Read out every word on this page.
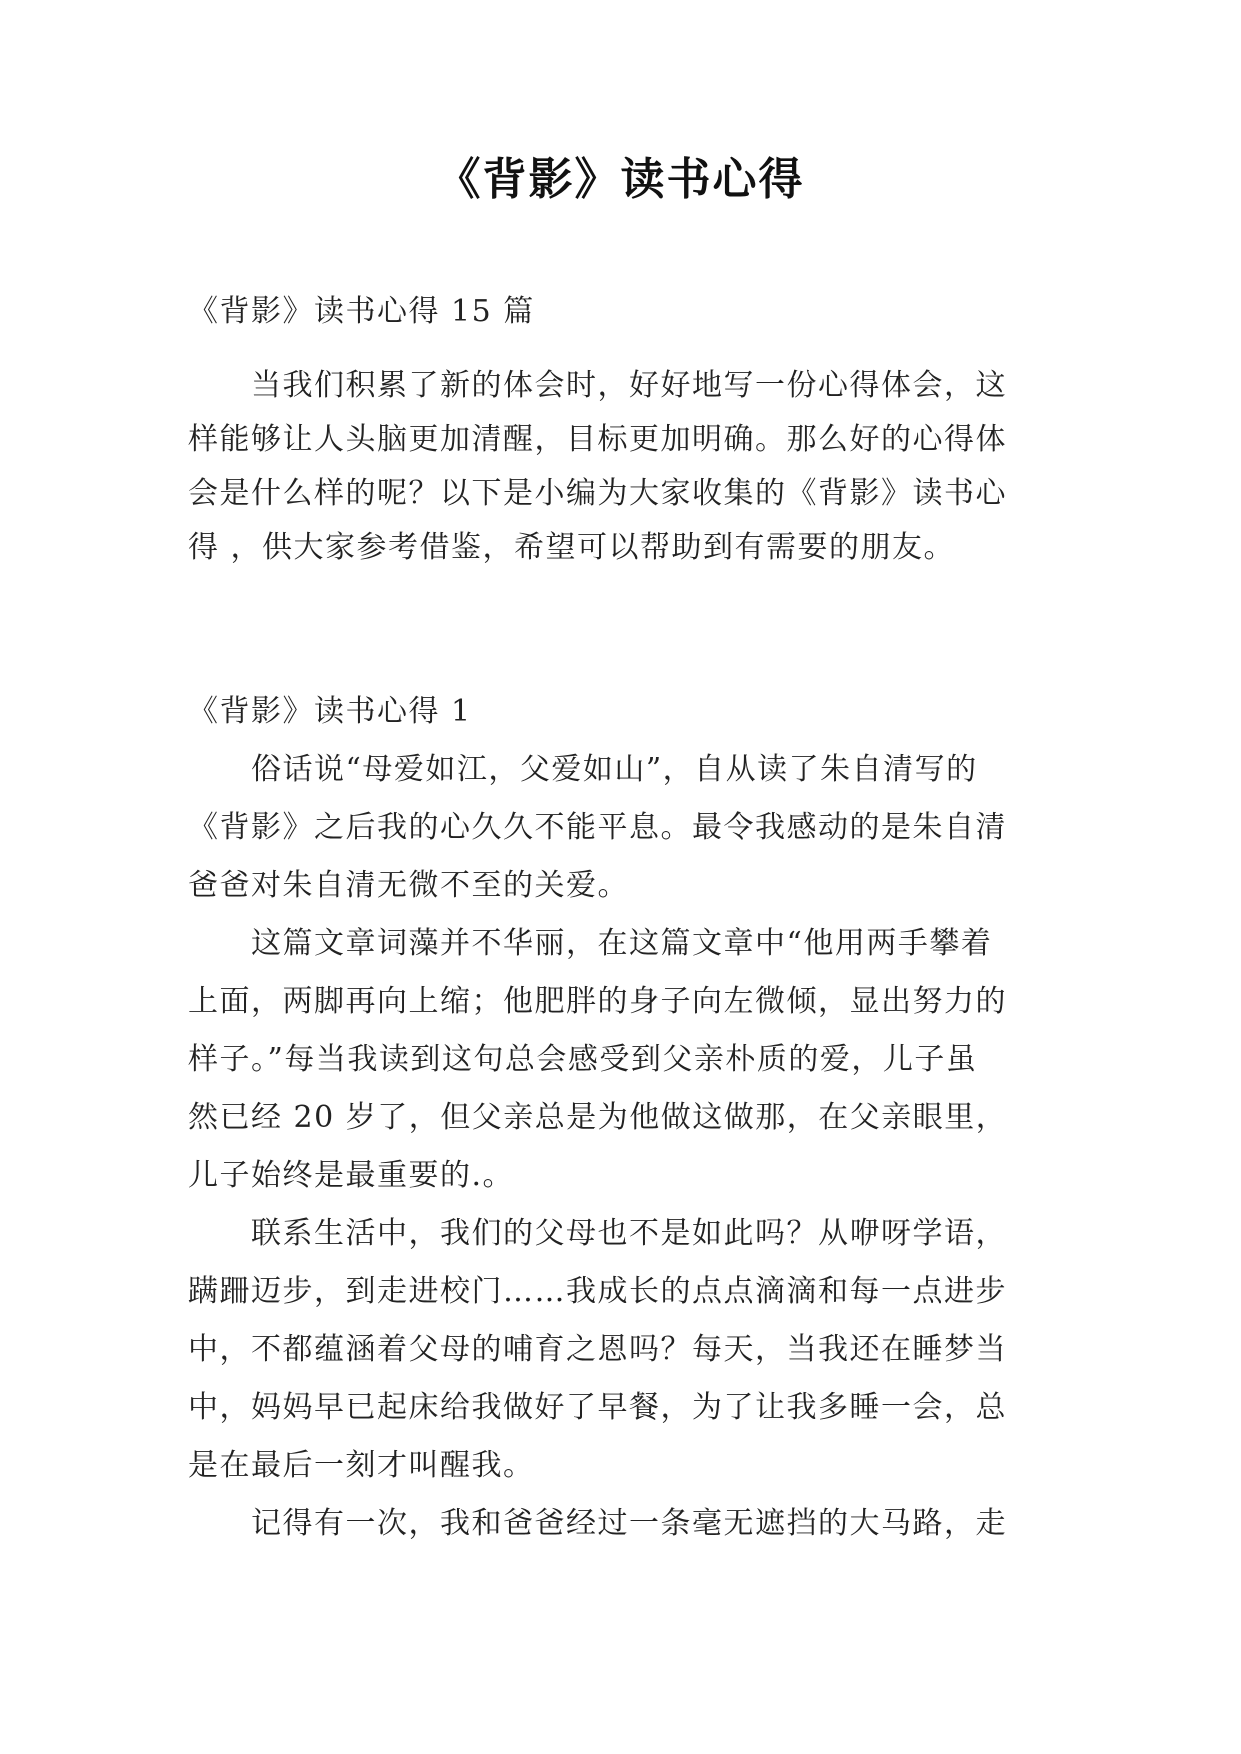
《背影》读书心得
《背影》读书心得 15 篇
　　当我们积累了新的体会时，好好地写一份心得体会，这
样能够让人头脑更加清醒，目标更加明确。那么好的心得体
会是什么样的呢？以下是小编为大家收集的《背影》读书心
得 ，供大家参考借鉴，希望可以帮助到有需要的朋友。
《背影》读书心得 1
　　俗话说“母爱如江，父爱如山”，自从读了朱自清写的
《背影》之后我的心久久不能平息。最令我感动的是朱自清
爸爸对朱自清无微不至的关爱。
　　这篇文章词藻并不华丽，在这篇文章中“他用两手攀着
上面，两脚再向上缩；他肥胖的身子向左微倾，显出努力的
样子。”每当我读到这句总会感受到父亲朴质的爱，儿子虽
然已经 20 岁了，但父亲总是为他做这做那，在父亲眼里，
儿子始终是最重要的.。
　　联系生活中，我们的父母也不是如此吗？从咿呀学语，
蹒跚迈步，到走进校门……我成长的点点滴滴和每一点进步
中，不都蕴涵着父母的哺育之恩吗？每天，当我还在睡梦当
中，妈妈早已起床给我做好了早餐，为了让我多睡一会，总
是在最后一刻才叫醒我。
　　记得有一次，我和爸爸经过一条毫无遮挡的大马路，走
